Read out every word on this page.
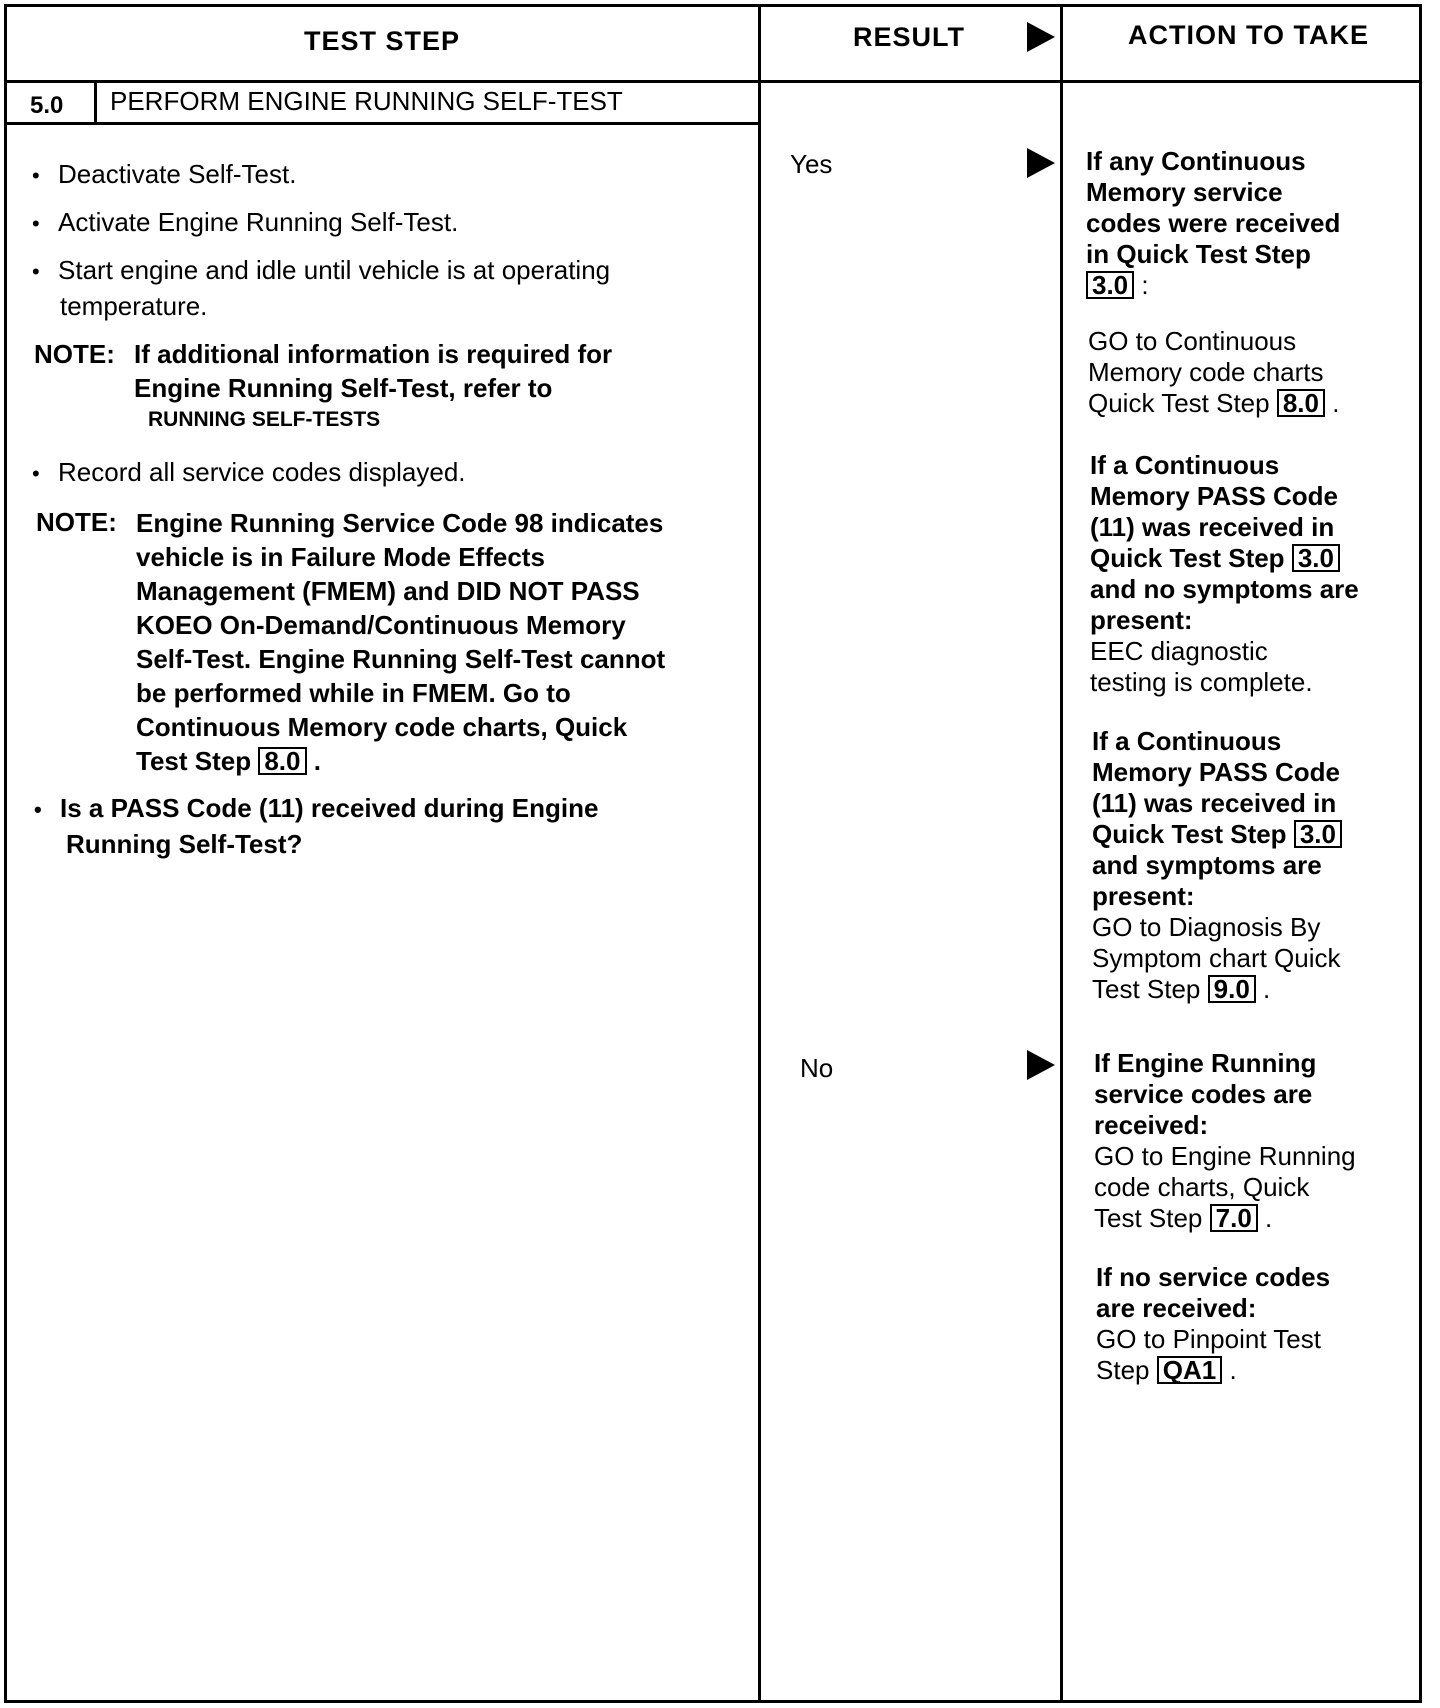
TEST STEP	RESULT	ACTION TO TAKE
5.0 PERFORM ENGINE RUNNING SELF-TEST
• Deactivate Self-Test.
• Activate Engine Running Self-Test.
• Start engine and idle until vehicle is at operating
temperature.
NOTE: If additional information is required for
Engine Running Self-Test, refer to
RUNNING SELF-TESTS
• Record all service codes displayed.
NOTE: Engine Running Service Code 98 indicates

vehicle is in Failure Mode Effects

Management (FMEM) and DID NOT PASS

KOEO On-Demand/Continuous Memory

Self-Test. Engine Running Self-Test cannot

be performed while in FMEM. Go to

Continuous Memory code charts, Quick

Test Step 8.0 .

• Is a PASS Code (11) received during Engine
Running Self-Test?
Yes
No

If any Continuous

Memory service

codes were received

in Quick Test Step

3.0 :

GO to Continuous

Memory code charts

Quick Test Step 8.0 .

If a Continuous

Memory PASS Code

(11) was received in

Quick Test Step 3.0

and no symptoms are

present:

EEC diagnostic

testing is complete.

If a Continuous

Memory PASS Code

(11) was received in

Quick Test Step 3.0

and symptoms are

present:

GO to Diagnosis By

Symptom chart Quick

Test Step 9.0 .

If Engine Running

service codes are

received:

GO to Engine Running

code charts, Quick

Test Step 7.0 .

If no service codes

are received:

GO to Pinpoint Test

Step QA1 .
